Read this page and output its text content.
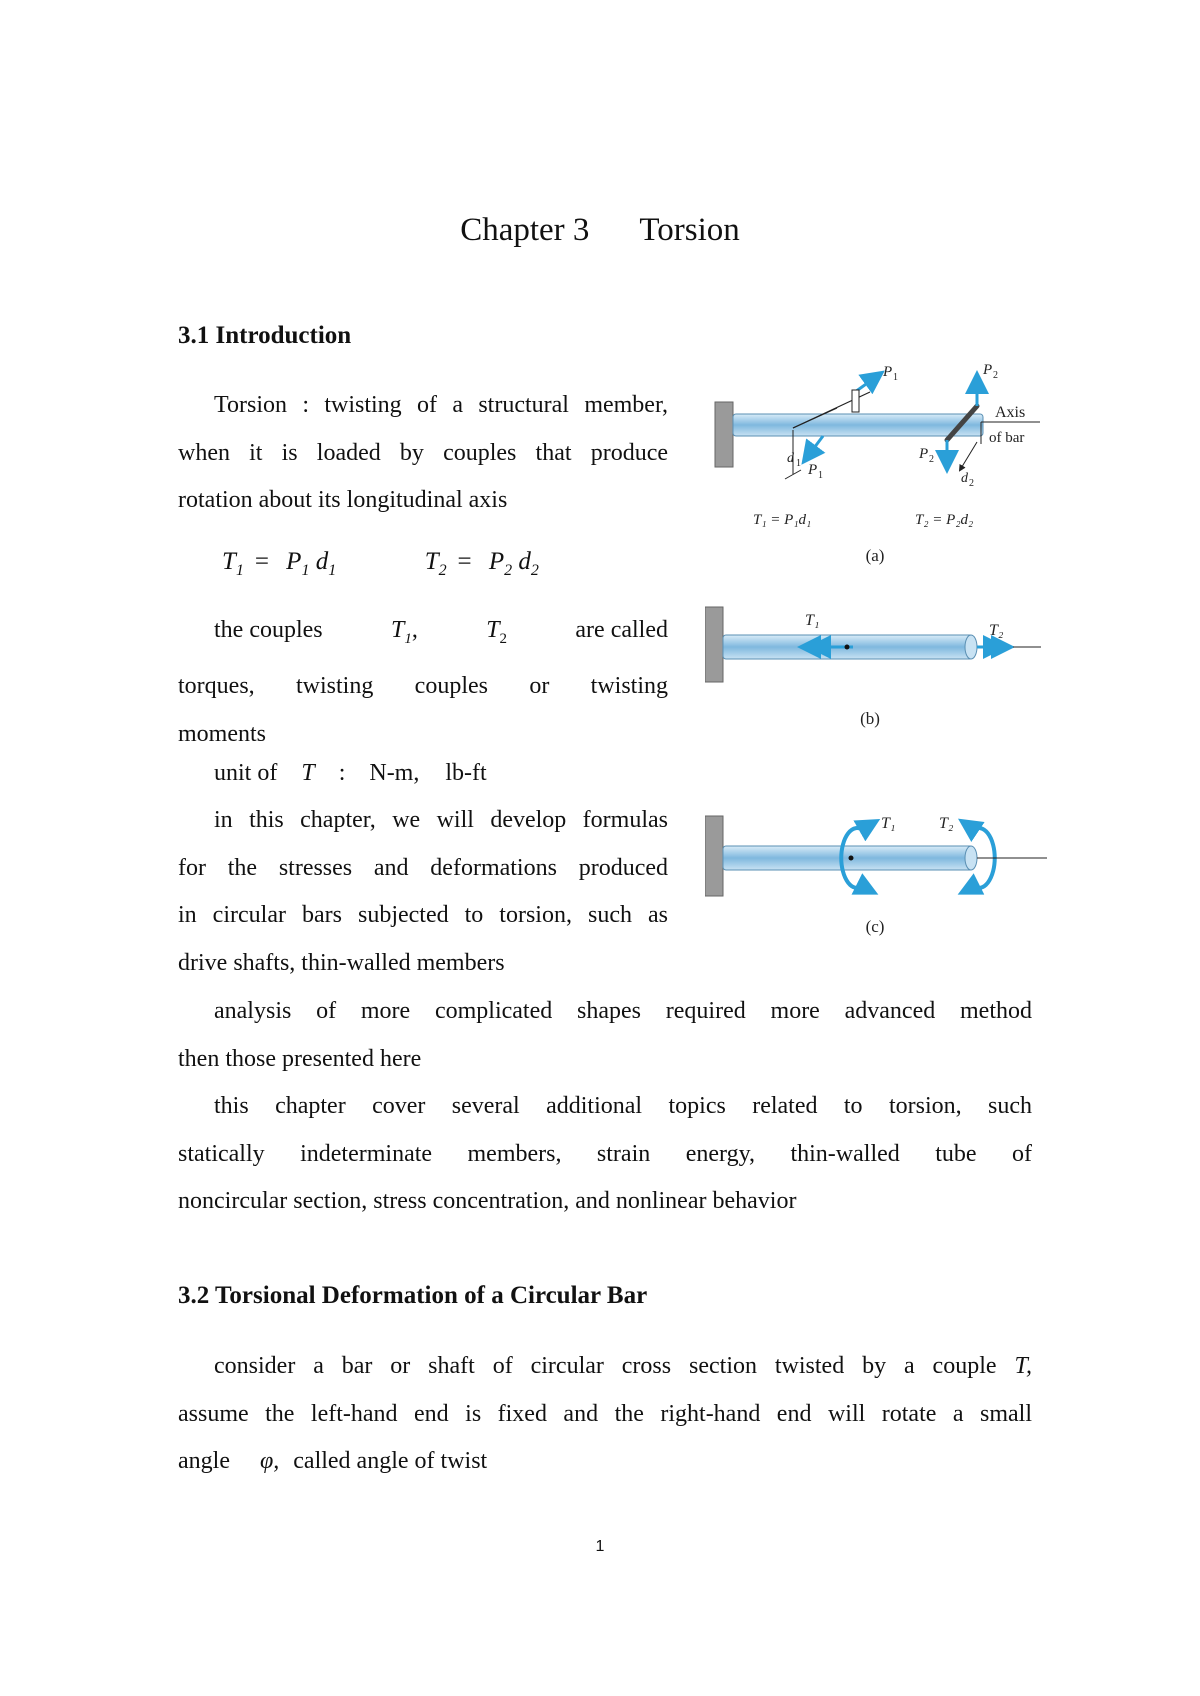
Chapter 3 Torsion
3.1 Introduction
Torsion : twisting of a structural member,
when it is loaded by couples that produce
rotation about its longitudinal axis
$T_1 = P_1$ $d_1$	$T_2 = P_2$ $d_2$
the couples	$T_1$,	$T_2$	are called
torques, twisting couples or twisting
moments
unit of T : N-m, lb-ft
in this chapter, we will develop formulas
for the stresses and deformations produced
in circular bars subjected to torsion, such as
drive shafts, thin-walled members
analysis of more complicated shapes required more advanced method
then those presented here
this chapter cover several additional topics related to torsion, such
statically indeterminate members, strain energy, thin-walled tube of
noncircular section, stress concentration, and nonlinear behavior
3.2 Torsional Deformation of a Circular Bar
consider a bar or shaft of circular cross section twisted by a couple T,
assume the left-hand end is fixed and the right-hand end will rotate a small
angle φ, called angle of twist
d 1
P 1
P 1
P 2
P 2
d 2
Axis
of bar
T₁ = P₁d₁	T₂ = P₂d₂
(a)
T₁
T₂
(b)
T₁	T₂
(c)
1
